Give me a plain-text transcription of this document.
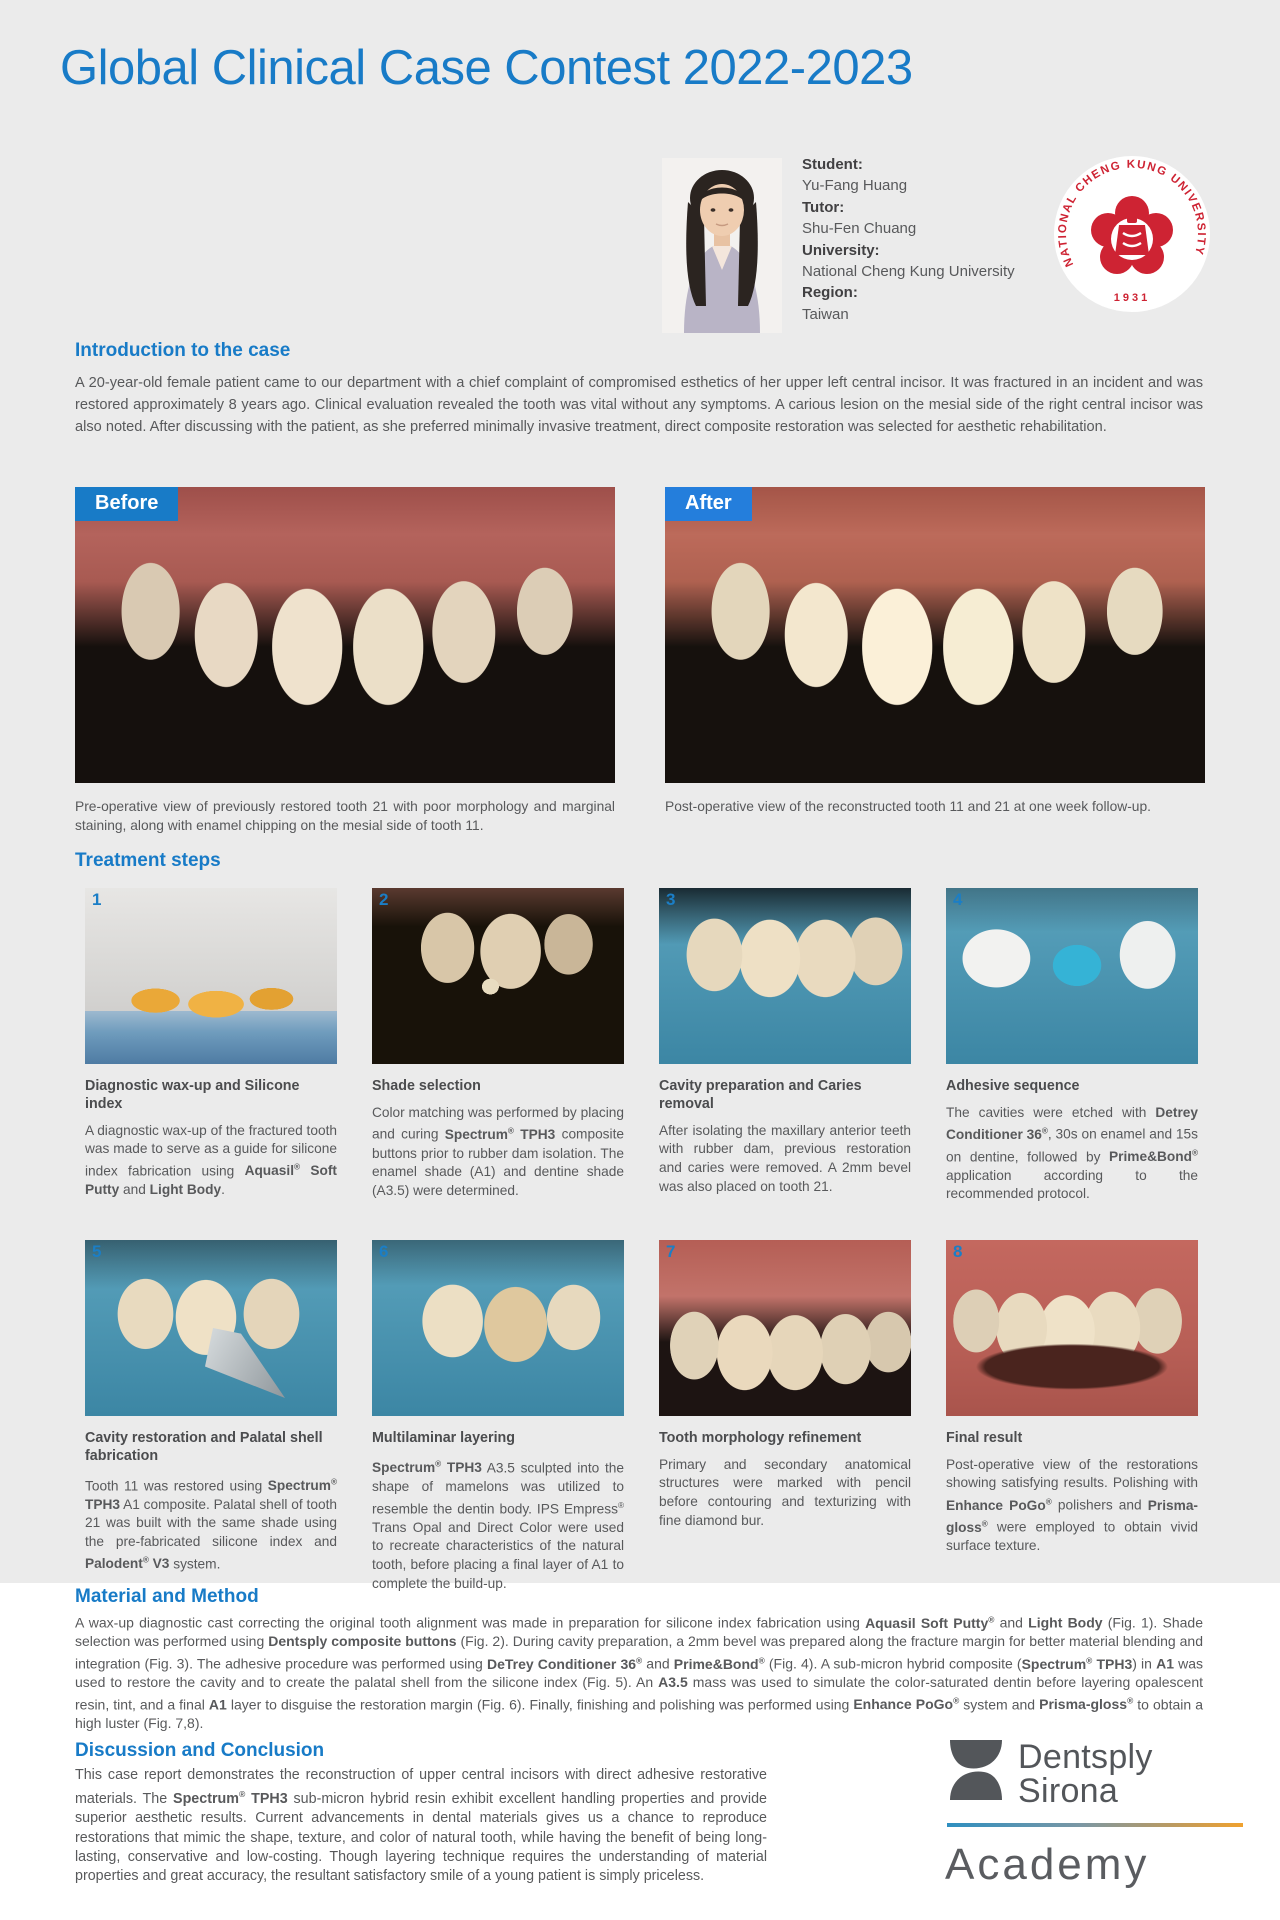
Global Clinical Case Contest 2022-2023
Student:
Yu-Fang Huang
Tutor:
Shu-Fen Chuang
University:
National Cheng Kung University
Region:
Taiwan
NATIONAL CHENG KUNG UNIVERSITY
1931
Introduction to the case
A 20-year-old female patient came to our department with a chief complaint of compromised esthetics of her upper left central incisor. It was fractured in an incident and was restored approximately 8 years ago. Clinical evaluation revealed the tooth was vital without any symptoms. A carious lesion on the mesial side of the right central incisor was also noted. After discussing with the patient, as she preferred minimally invasive treatment, direct composite restoration was selected for aesthetic rehabilitation.
Before
Pre-operative view of previously restored tooth 21 with poor morphology and marginal staining, along with enamel chipping on the mesial side of tooth 11.
After
Post-operative view of the reconstructed tooth 11 and 21 at one week follow-up.
Treatment steps
1
Diagnostic wax-up and Silicone index
A diagnostic wax-up of the fractured tooth was made to serve as a guide for silicone index fabrication using Aquasil® Soft Putty and Light Body.
2
Shade selection
Color matching was performed by placing and curing Spectrum® TPH3 composite buttons prior to rubber dam isolation. The enamel shade (A1) and dentine shade (A3.5) were determined.
3
Cavity preparation and Caries removal
After isolating the maxillary anterior teeth with rubber dam, previous restoration and caries were removed. A 2mm bevel was also placed on tooth 21.
4
Adhesive sequence
The cavities were etched with Detrey Conditioner 36®, 30s on enamel and 15s on dentine, followed by Prime&Bond® application according to the recommended protocol.
5
Cavity restoration and Palatal shell fabrication
Tooth 11 was restored using Spectrum® TPH3 A1 composite. Palatal shell of tooth 21 was built with the same shade using the pre-fabricated silicone index and Palodent® V3 system.
6
Multilaminar layering
Spectrum® TPH3 A3.5 sculpted into the shape of mamelons was utilized to resemble the dentin body. IPS Empress® Trans Opal and Direct Color were used to recreate characteristics of the natural tooth, before placing a final layer of A1 to complete the build-up.
7
Tooth morphology refinement
Primary and secondary anatomical structures were marked with pencil before contouring and texturizing with fine diamond bur.
8
Final result
Post-operative view of the restorations showing satisfying results. Polishing with Enhance PoGo® polishers and Prisma-gloss® were employed to obtain vivid surface texture.
Material and Method
A wax-up diagnostic cast correcting the original tooth alignment was made in preparation for silicone index fabrication using Aquasil Soft Putty® and Light Body (Fig. 1). Shade selection was performed using Dentsply composite buttons (Fig. 2). During cavity preparation, a 2mm bevel was prepared along the fracture margin for better material blending and integration (Fig. 3). The adhesive procedure was performed using DeTrey Conditioner 36® and Prime&Bond® (Fig. 4). A sub-micron hybrid composite (Spectrum® TPH3) in A1 was used to restore the cavity and to create the palatal shell from the silicone index (Fig. 5). An A3.5 mass was used to simulate the color-saturated dentin before layering opalescent resin, tint, and a final A1 layer to disguise the restoration margin (Fig. 6). Finally, finishing and polishing was performed using Enhance PoGo® system and Prisma-gloss® to obtain a high luster (Fig. 7,8).
Discussion and Conclusion
This case report demonstrates the reconstruction of upper central incisors with direct adhesive restorative materials. The Spectrum® TPH3 sub-micron hybrid resin exhibit excellent handling properties and provide superior aesthetic results. Current advancements in dental materials gives us a chance to reproduce restorations that mimic the shape, texture, and color of natural tooth, while having the benefit of being long-lasting, conservative and low-costing. Though layering technique requires the understanding of material properties and great accuracy, the resultant satisfactory smile of a young patient is simply priceless.
Dentsply
Sirona
Academy
